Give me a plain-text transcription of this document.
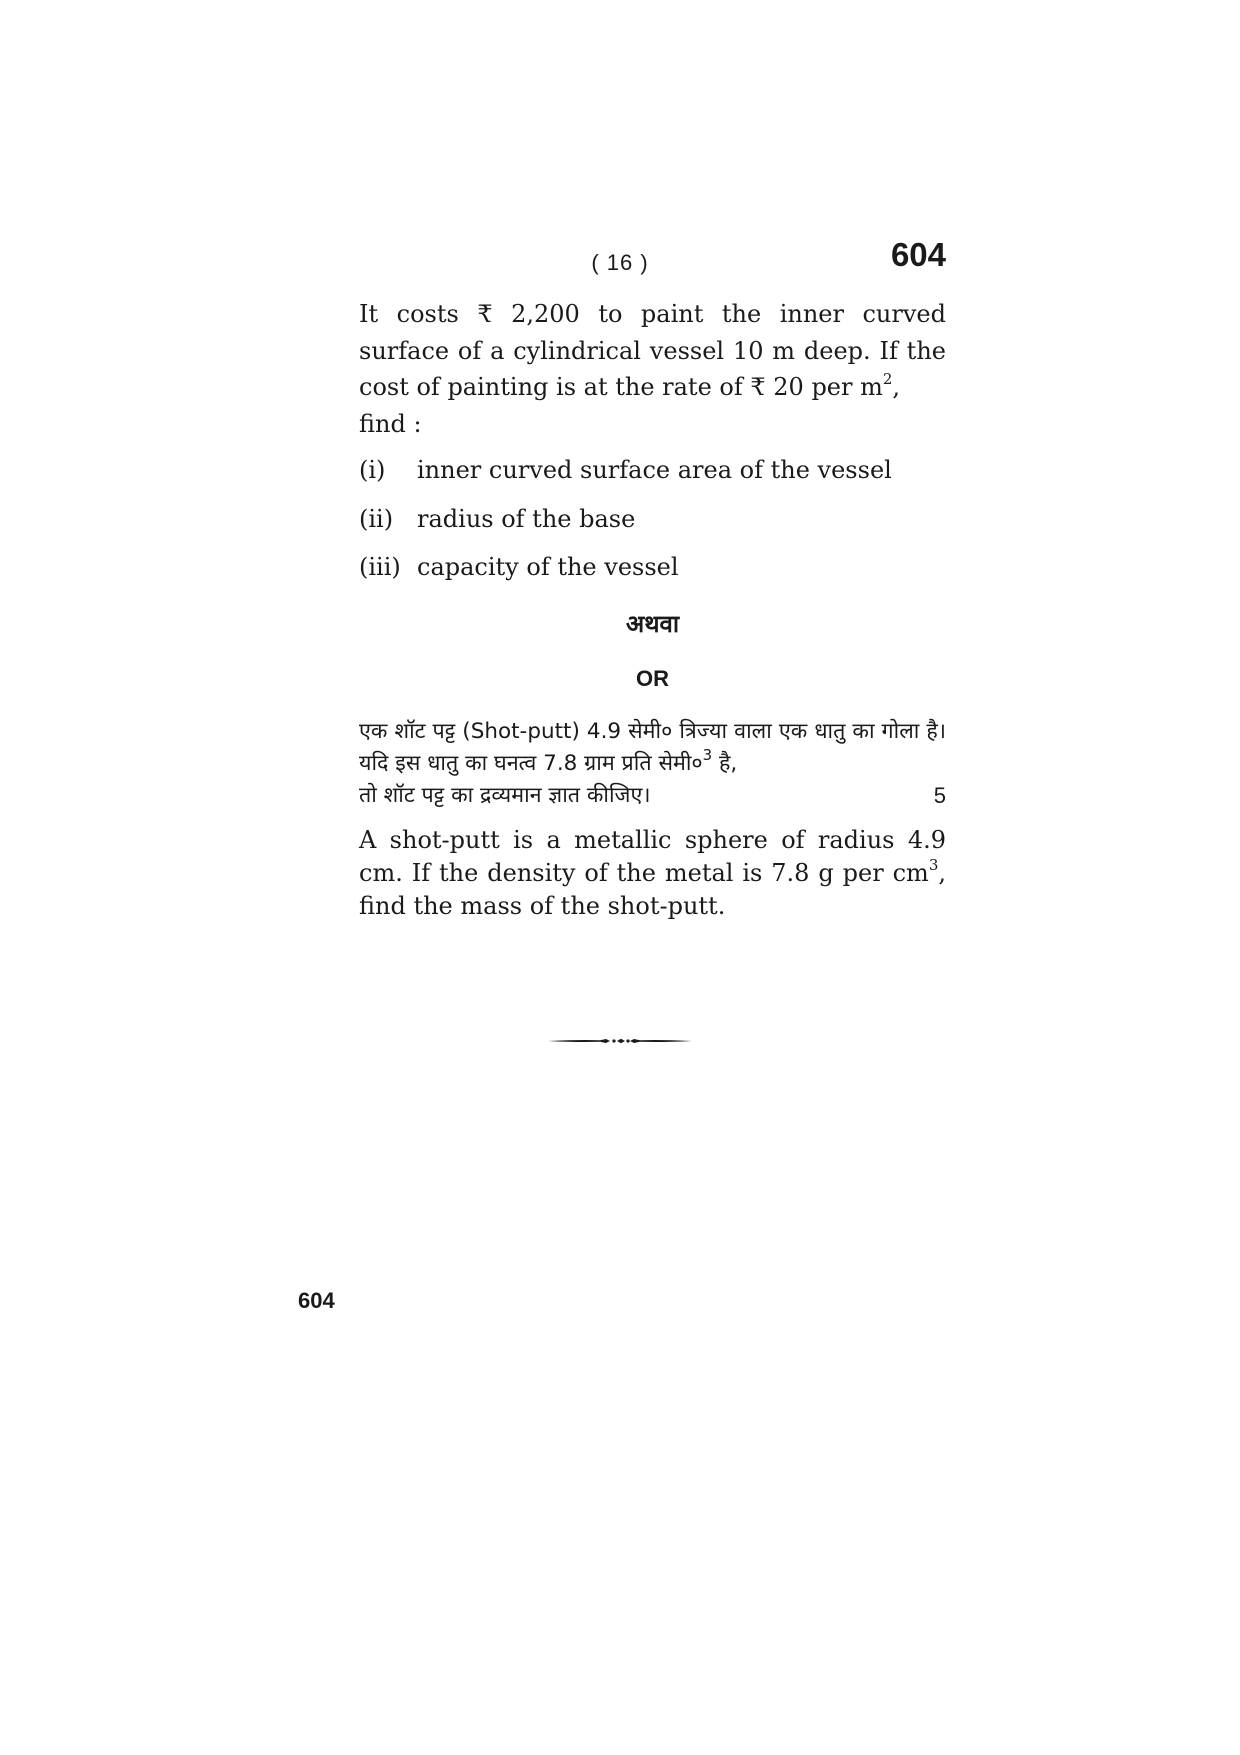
( 16 )	604

It costs ₹ 2,200 to paint the inner curved surface of a cylindrical vessel 10 m deep. If the cost of painting is at the rate of ₹ 20 per $m^2$,
find :

(i)	inner curved surface area of the vessel
(ii) radius of the base
(iii) capacity of the vessel
अथवा
OR
एक शॉट पट्ट (Shot-putt) 4.9 सेमी० त्रिज्या वाला एक धातु का गोला है। यदि इस धातु का घनत्व 7.8 ग्राम प्रति $सेमी०^3$ है,
तो शॉट पट्ट का द्रव्यमान ज्ञात कीजिए।	5

A shot-putt is a metallic sphere of radius 4.9 cm. If the density of the metal is 7.8 g per $cm^3$, find the mass of the shot-putt.

604
